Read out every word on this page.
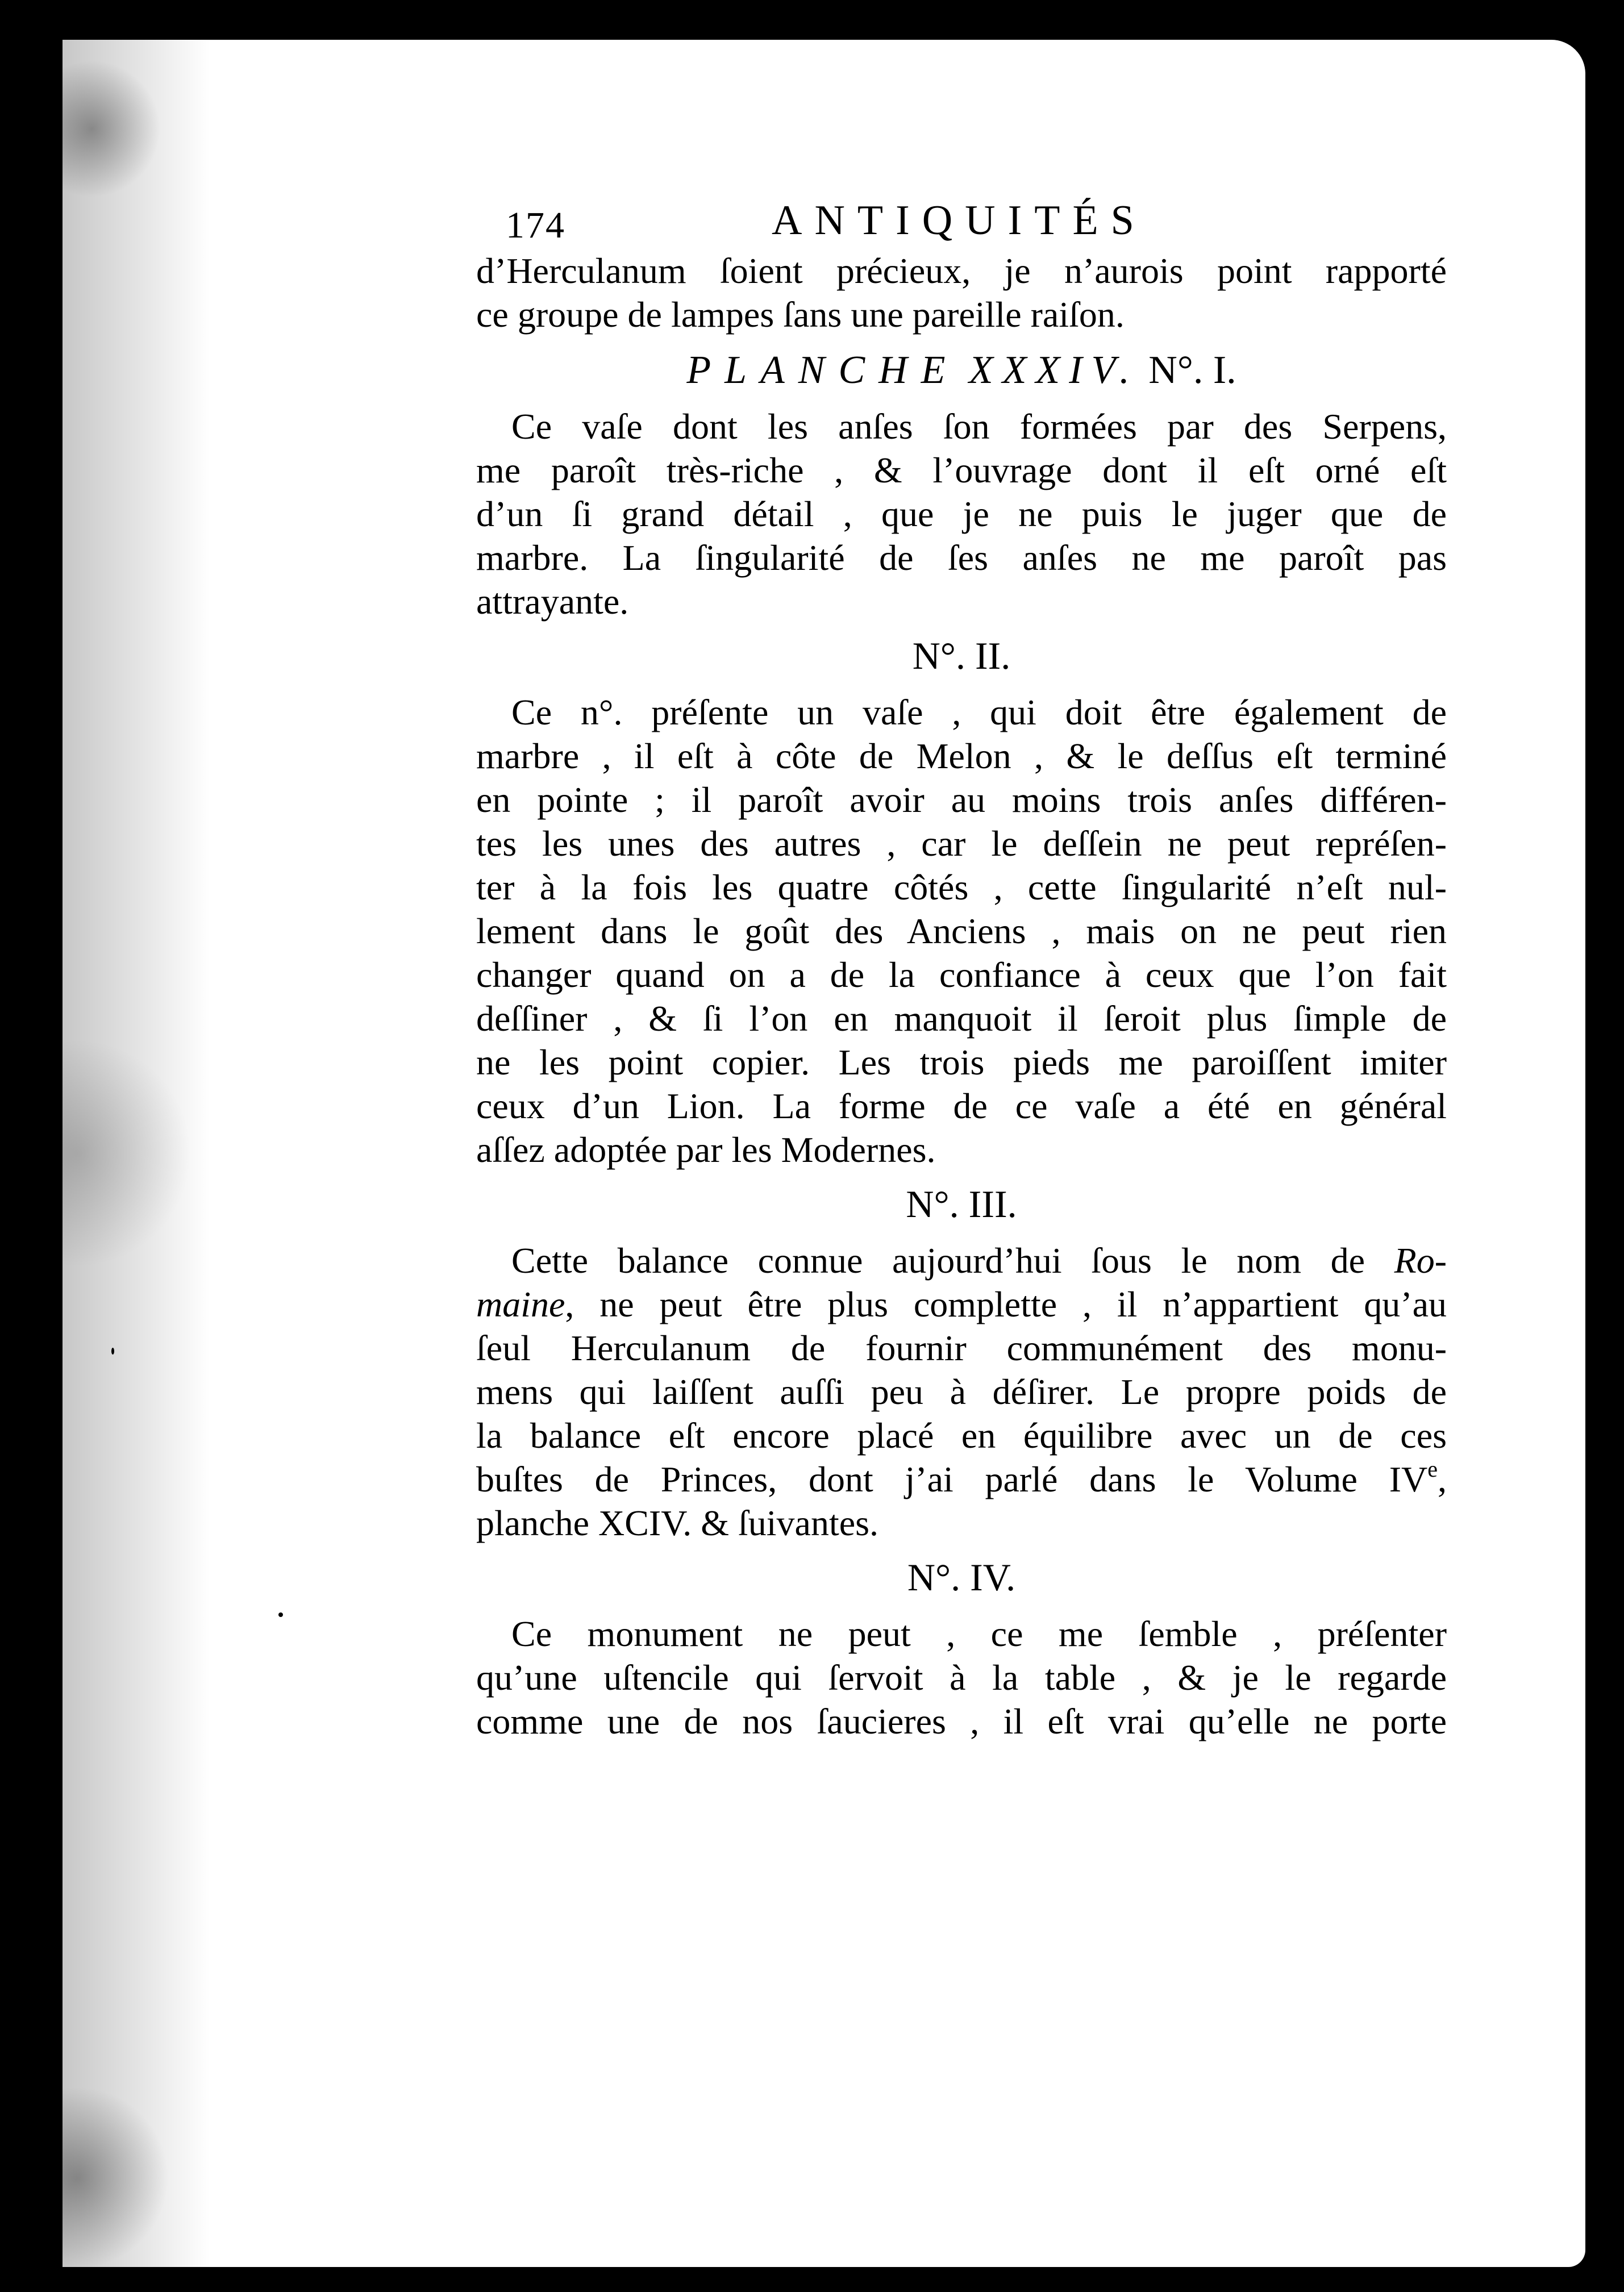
174	ANTIQUITÉS

d’Herculanum ſoient précieux, je n’aurois point rapporté
ce groupe de lampes ſans une pareille raiſon.

PLANCHE XXXIV. N°. I.

Ce vaſe dont les anſes ſon formées par des Serpens,
me paroît très-riche , & l’ouvrage dont il eſt orné eſt
d’un ſi grand détail , que je ne puis le juger que de
marbre. La ſingularité de ſes anſes ne me paroît pas
attrayante.

N°. II.

Ce n°. préſente un vaſe , qui doit être également de
marbre , il eſt à côte de Melon , & le deſſus eſt terminé
en pointe ; il paroît avoir au moins trois anſes différen-
tes les unes des autres , car le deſſein ne peut repréſen-
ter à la fois les quatre côtés , cette ſingularité n’eſt nul-
lement dans le goût des Anciens , mais on ne peut rien
changer quand on a de la confiance à ceux que l’on fait
deſſiner , & ſi l’on en manquoit il ſeroit plus ſimple de
ne les point copier. Les trois pieds me paroiſſent imiter
ceux d’un Lion. La forme de ce vaſe a été en général
aſſez adoptée par les Modernes.

N°. III.

Cette balance connue aujourd’hui ſous le nom de Ro-
maine, ne peut être plus complette , il n’appartient qu’au
ſeul Herculanum de fournir communément des monu-
mens qui laiſſent auſſi peu à déſirer. Le propre poids de
la balance eſt encore placé en équilibre avec un de ces
buſtes de Princes, dont j’ai parlé dans le Volume IVe,
planche XCIV. & ſuivantes.

N°. IV.

Ce monument ne peut , ce me ſemble , préſenter
qu’une uſtencile qui ſervoit à la table , & je le regarde
comme une de nos ſaucieres , il eſt vrai qu’elle ne porte
